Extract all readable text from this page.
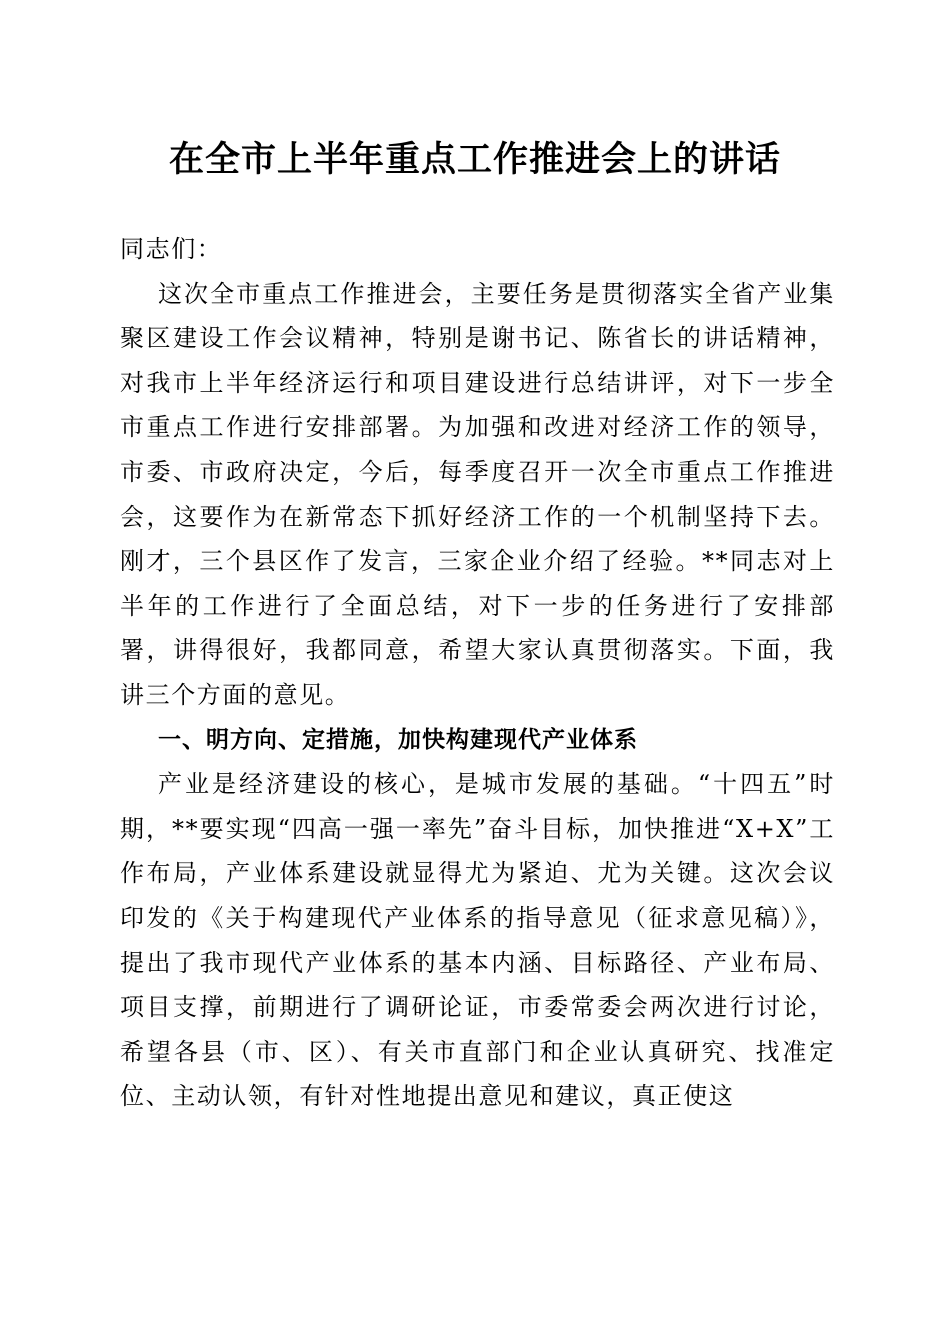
在全市上半年重点工作推进会上的讲话

同志们：

这次全市重点工作推进会，主要任务是贯彻落实全省产业集聚区建设工作会议精神，特别是谢书记、陈省长的讲话精神，对我市上半年经济运行和项目建设进行总结讲评，对下一步全市重点工作进行安排部署。为加强和改进对经济工作的领导，市委、市政府决定，今后，每季度召开一次全市重点工作推进会，这要作为在新常态下抓好经济工作的一个机制坚持下去。刚才，三个县区作了发言，三家企业介绍了经验。**同志对上半年的工作进行了全面总结，对下一步的任务进行了安排部署，讲得很好，我都同意，希望大家认真贯彻落实。下面，我讲三个方面的意见。

一、明方向、定措施，加快构建现代产业体系

产业是经济建设的核心，是城市发展的基础。“十四五”时期，**要实现“四高一强一率先”奋斗目标，加快推进“X+X”工作布局，产业体系建设就显得尤为紧迫、尤为关键。这次会议印发的《关于构建现代产业体系的指导意见（征求意见稿）》，提出了我市现代产业体系的基本内涵、目标路径、产业布局、项目支撑，前期进行了调研论证，市委常委会两次进行讨论，希望各县（市、区）、有关市直部门和企业认真研究、找准定位、主动认领，有针对性地提出意见和建议，真正使这
